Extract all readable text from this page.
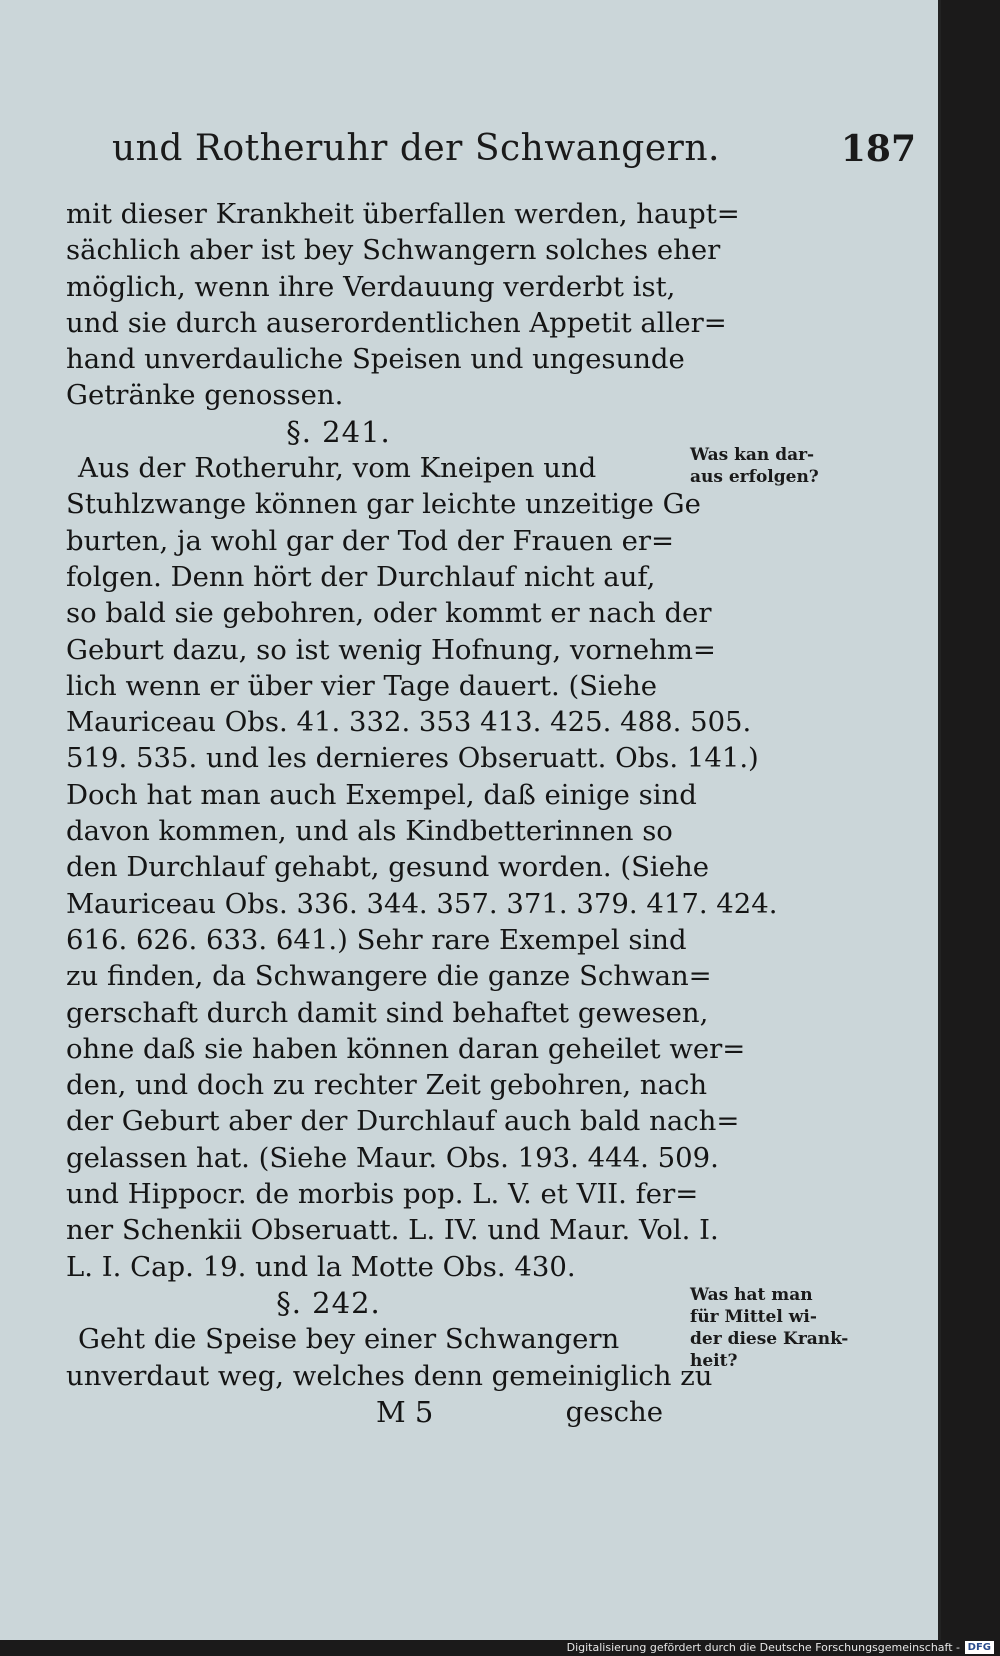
und Rotheruhr der Schwangern.	187
mit dieser Krankheit überfallen werden, haupt=
sächlich aber ist bey Schwangern solches eher
möglich, wenn ihre Verdauung verderbt ist,
und sie durch auserordentlichen Appetit aller=
hand unverdauliche Speisen und ungesunde
Getränke genossen.
§. 241.
Aus der Rotheruhr, vom Kneipen und
Stuhlzwange können gar leichte unzeitige Ge
burten, ja wohl gar der Tod der Frauen er=
folgen. Denn hört der Durchlauf nicht auf,
so bald sie gebohren, oder kommt er nach der
Geburt dazu, so ist wenig Hofnung, vornehm=
lich wenn er über vier Tage dauert. (Siehe
Mauriceau Obs. 41. 332. 353 413. 425. 488. 505.
519. 535. und les dernieres Obseruatt. Obs. 141.)
Doch hat man auch Exempel, daß einige sind
davon kommen, und als Kindbetterinnen so
den Durchlauf gehabt, gesund worden. (Siehe
Mauriceau Obs. 336. 344. 357. 371. 379. 417. 424.
616. 626. 633. 641.) Sehr rare Exempel sind
zu finden, da Schwangere die ganze Schwan=
gerschaft durch damit sind behaftet gewesen,
ohne daß sie haben können daran geheilet wer=
den, und doch zu rechter Zeit gebohren, nach
der Geburt aber der Durchlauf auch bald nach=
gelassen hat. (Siehe Maur. Obs. 193. 444. 509.
und Hippocr. de morbis pop. L. V. et VII. fer=
ner Schenkii Obseruatt. L. IV. und Maur. Vol. I.
L. I. Cap. 19. und la Motte Obs. 430.
§. 242.
Geht die Speise bey einer Schwangern
unverdaut weg, welches denn gemeiniglich zu
M 5	gesche
Was kan dar-
aus erfolgen?
Was hat man
für Mittel wi-
der diese Krank-
heit?
Digitalisierung gefördert durch die Deutsche Forschungsgemeinschaft - DFG
